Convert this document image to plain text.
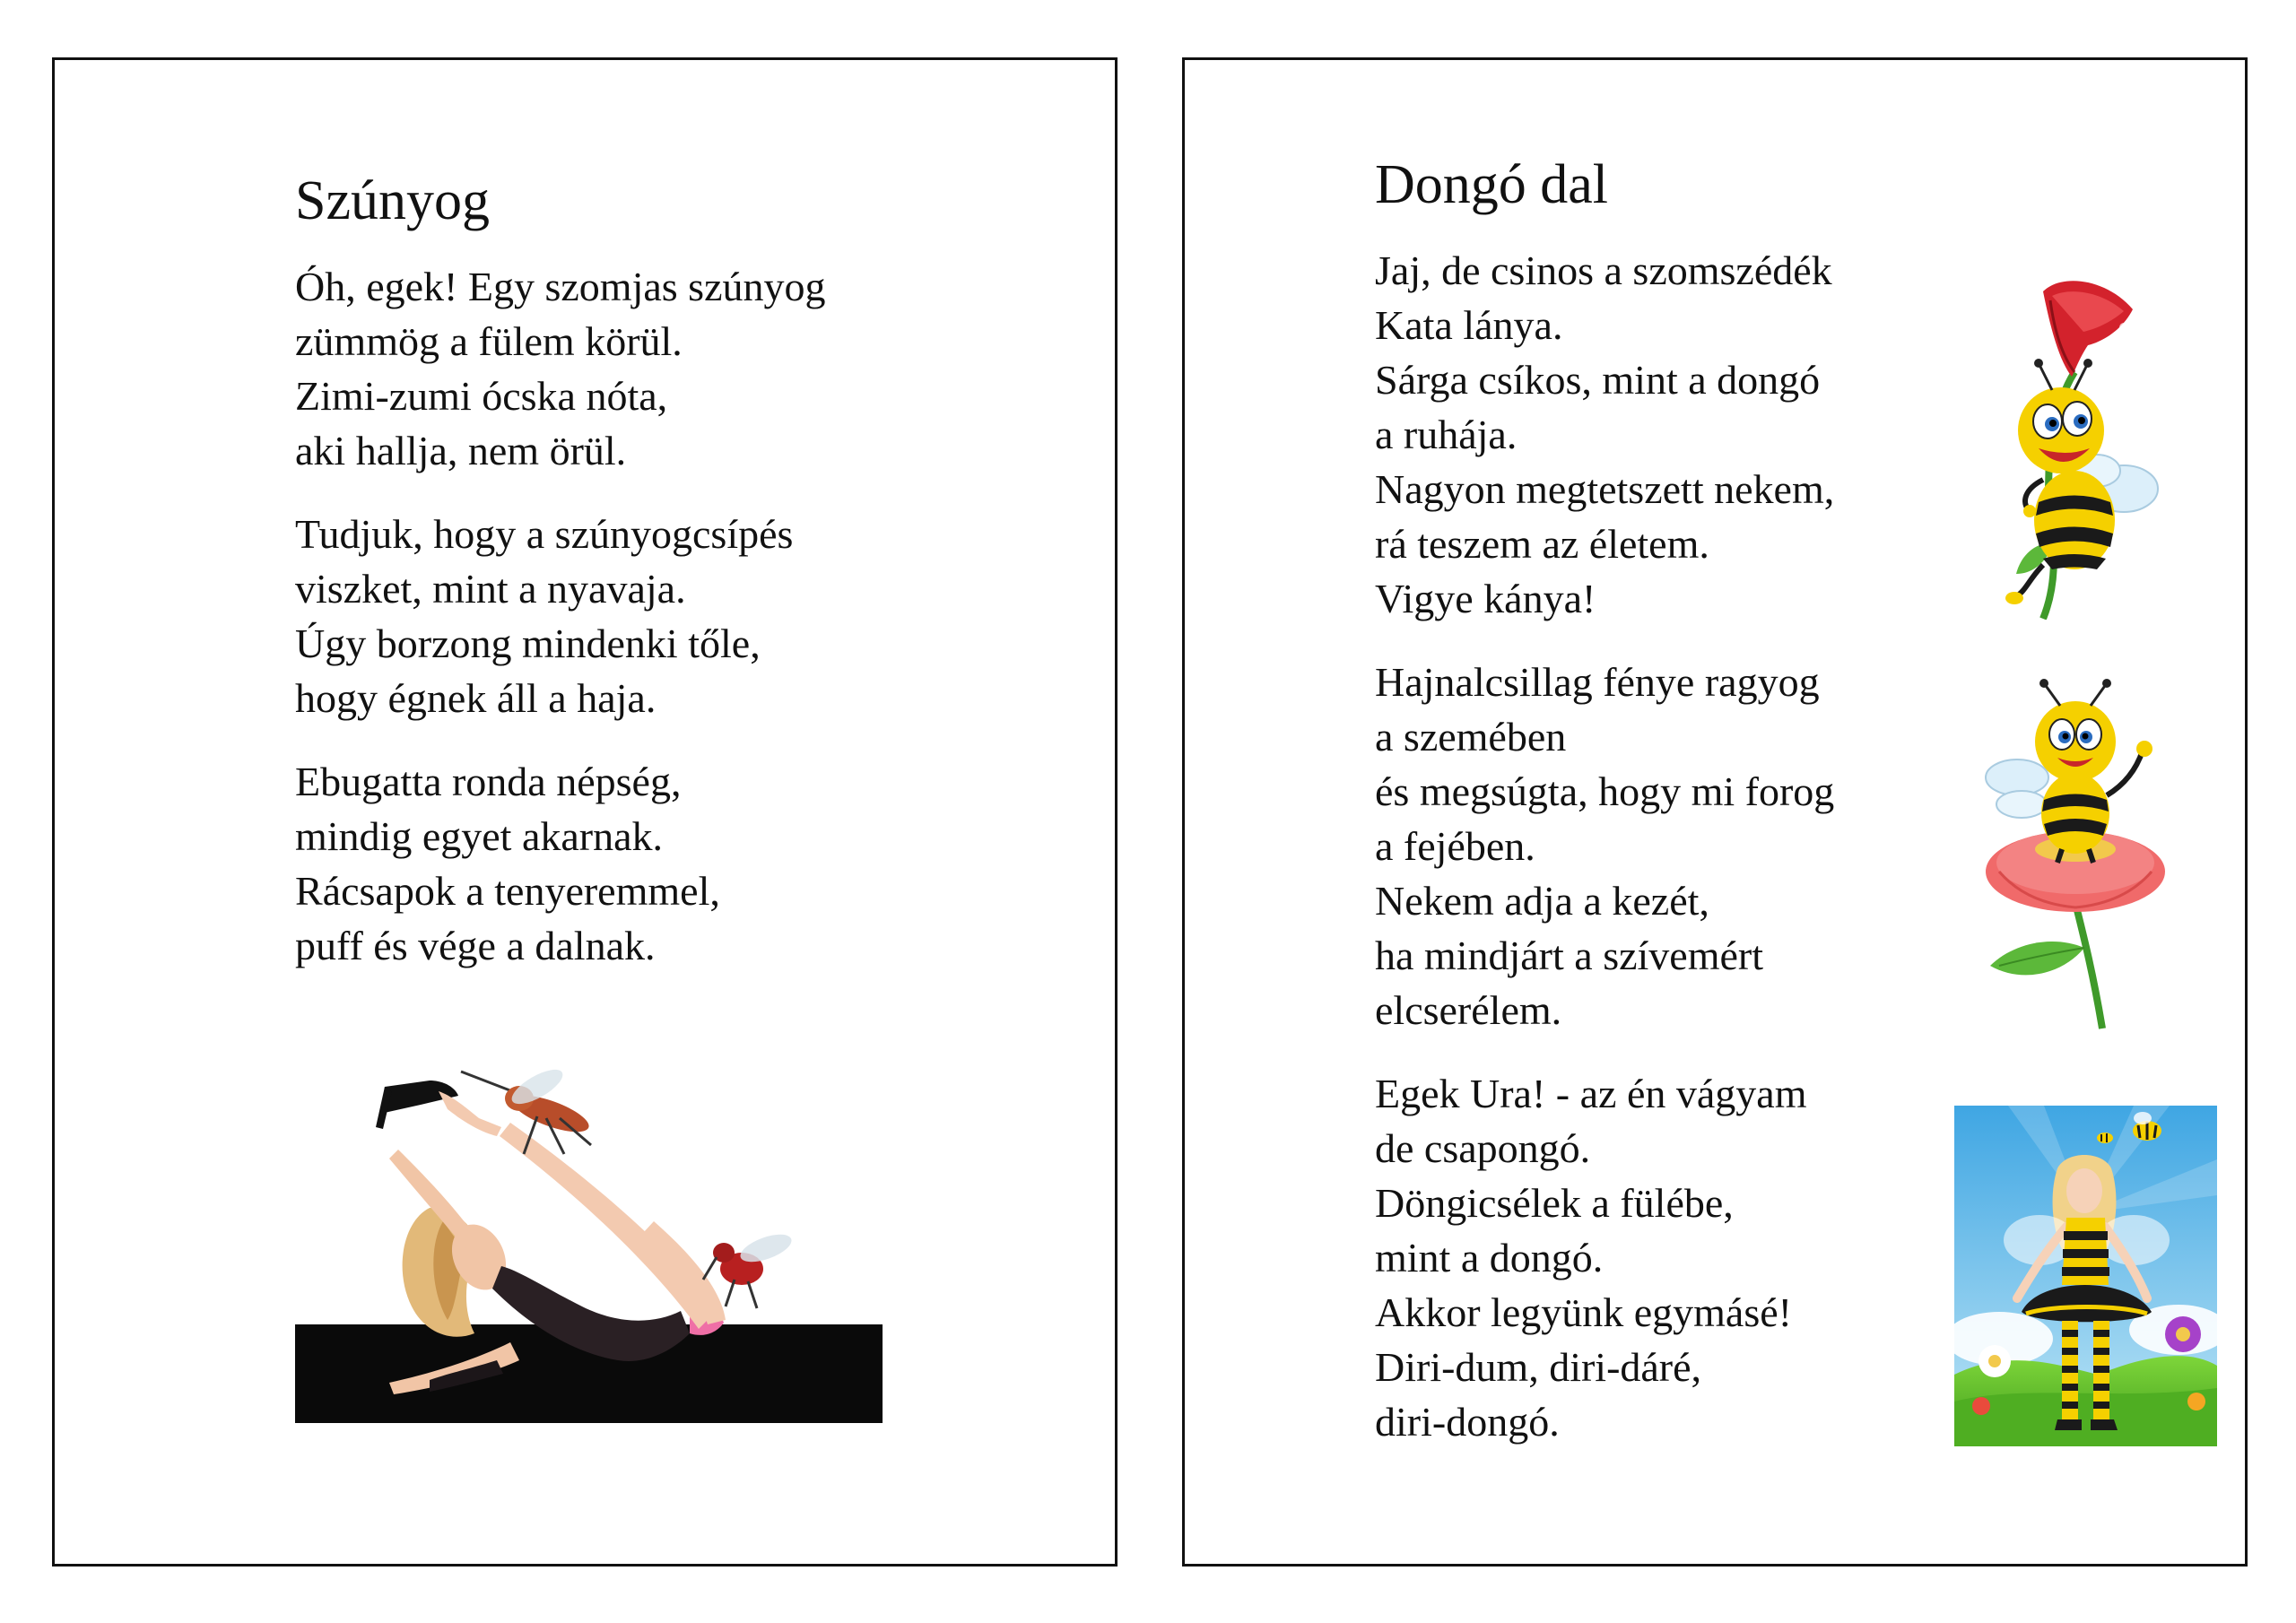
Szúnyog
Óh, egek! Egy szomjas szúnyog
zümmög a fülem körül.
Zimi-zumi ócska nóta,
aki hallja, nem örül.
Tudjuk, hogy a szúnyogcsípés
viszket, mint a nyavaja.
Úgy borzong mindenki tőle,
hogy égnek áll a haja.
Ebugatta ronda népség,
mindig egyet akarnak.
Rácsapok a tenyeremmel,
puff és vége a dalnak.
Dongó dal
Jaj, de csinos a szomszédék
Kata lánya.
Sárga csíkos, mint a dongó
a ruhája.
Nagyon megtetszett nekem,
rá teszem az életem.
Vigye kánya!
Hajnalcsillag fénye ragyog
a szemében
és megsúgta, hogy mi forog
a fejében.
Nekem adja a kezét,
ha mindjárt a szívemért
elcserélem.
Egek Ura! - az én vágyam
de csapongó.
Döngicsélek a fülébe,
mint a dongó.
Akkor legyünk egymásé!
Diri-dum, diri-dáré,
diri-dongó.
